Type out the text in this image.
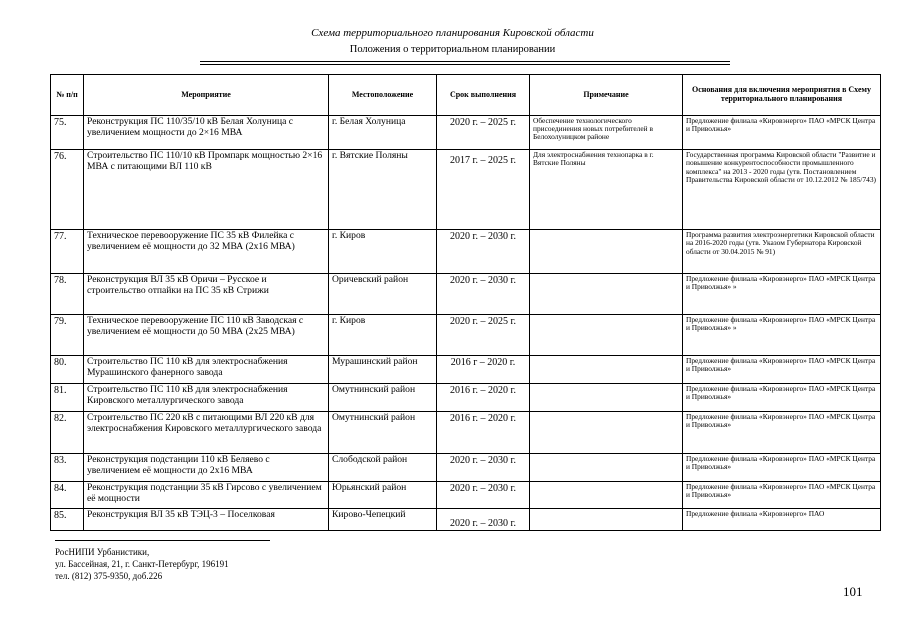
Схема территориального планирования Кировской области
Положения о территориальном планировании
№ п/п	Мероприятие	Местоположение	Срок выполнения	Примечание	Основания для включения мероприятия в Схему территориального планирования
75.	Реконструкция ПС 110/35/10 кВ Белая Холуница с увеличением мощности до 2×16 МВА	г. Белая Холуница	2020 г. – 2025 г.	Обеспечение технологического присоединения новых потребителей в Белохолуницком районе	Предложение филиала «Кировэнерго» ПАО «МРСК Центра и Приволжья»
76.	Строительство ПС 110/10 кВ Промпарк мощностью 2×16 МВА с питающими ВЛ 110 кВ	г. Вятские Поляны	2017 г. – 2025 г.	Для электроснабжения технопарка в г. Вятские Поляны	Государственная программа Кировской области "Развитие и повышение конкурентоспособности промышленного комплекса" на 2013 - 2020 годы (утв. Постановлением Правительства Кировской области от 10.12.2012 № 185/743)
77.	Техническое перевооружение ПС 35 кВ Филейка с увеличением её мощности до 32 МВА (2х16 МВА)	г. Киров	2020 г. – 2030 г.		Программа развития электроэнергетики Кировской области на 2016-2020 годы (утв. Указом Губернатора Кировской области от 30.04.2015 № 91)
78.	Реконструкция ВЛ 35 кВ Оричи – Русское и строительство отпайки на ПС 35 кВ Стрижи	Оричевский район	2020 г. – 2030 г.		Предложение филиала «Кировэнерго» ПАО «МРСК Центра и Приволжья» »
79.	Техническое перевооружение ПС 110 кВ Заводская с увеличением её мощности до 50 МВА (2х25 МВА)	г. Киров	2020 г. – 2025 г.		Предложение филиала «Кировэнерго» ПАО «МРСК Центра и Приволжья» »
80.	Строительство ПС 110 кВ для электроснабжения Мурашинского фанерного завода	Мурашинский район	2016 г – 2020 г.		Предложение филиала «Кировэнерго» ПАО «МРСК Центра и Приволжья»
81.	Строительство ПС 110 кВ для электроснабжения Кировского металлургического завода	Омутнинский район	2016 г. – 2020 г.		Предложение филиала «Кировэнерго» ПАО «МРСК Центра и Приволжья»
82.	Строительство ПС 220 кВ с питающими ВЛ 220 кВ для электроснабжения Кировского металлургического завода	Омутнинский район	2016 г. – 2020 г.		Предложение филиала «Кировэнерго» ПАО «МРСК Центра и Приволжья»
83.	Реконструкция подстанции 110 кВ Беляево с увеличением её мощности до 2х16 МВА	Слободской район	2020 г. – 2030 г.		Предложение филиала «Кировэнерго» ПАО «МРСК Центра и Приволжья»
84.	Реконструкция подстанции 35 кВ Гирсово с увеличением её мощности	Юрьянский район	2020 г. – 2030 г.		Предложение филиала «Кировэнерго» ПАО «МРСК Центра и Приволжья»
85.	Реконструкция ВЛ 35 кВ ТЭЦ-3 – Поселковая	Кирово-Чепецкий	2020 г. – 2030 г.		Предложение филиала «Кировэнерго» ПАО
РосНИПИ Урбанистики,
ул. Бассейная, 21, г. Санкт-Петербург, 196191
тел. (812) 375-9350, доб.226
101
